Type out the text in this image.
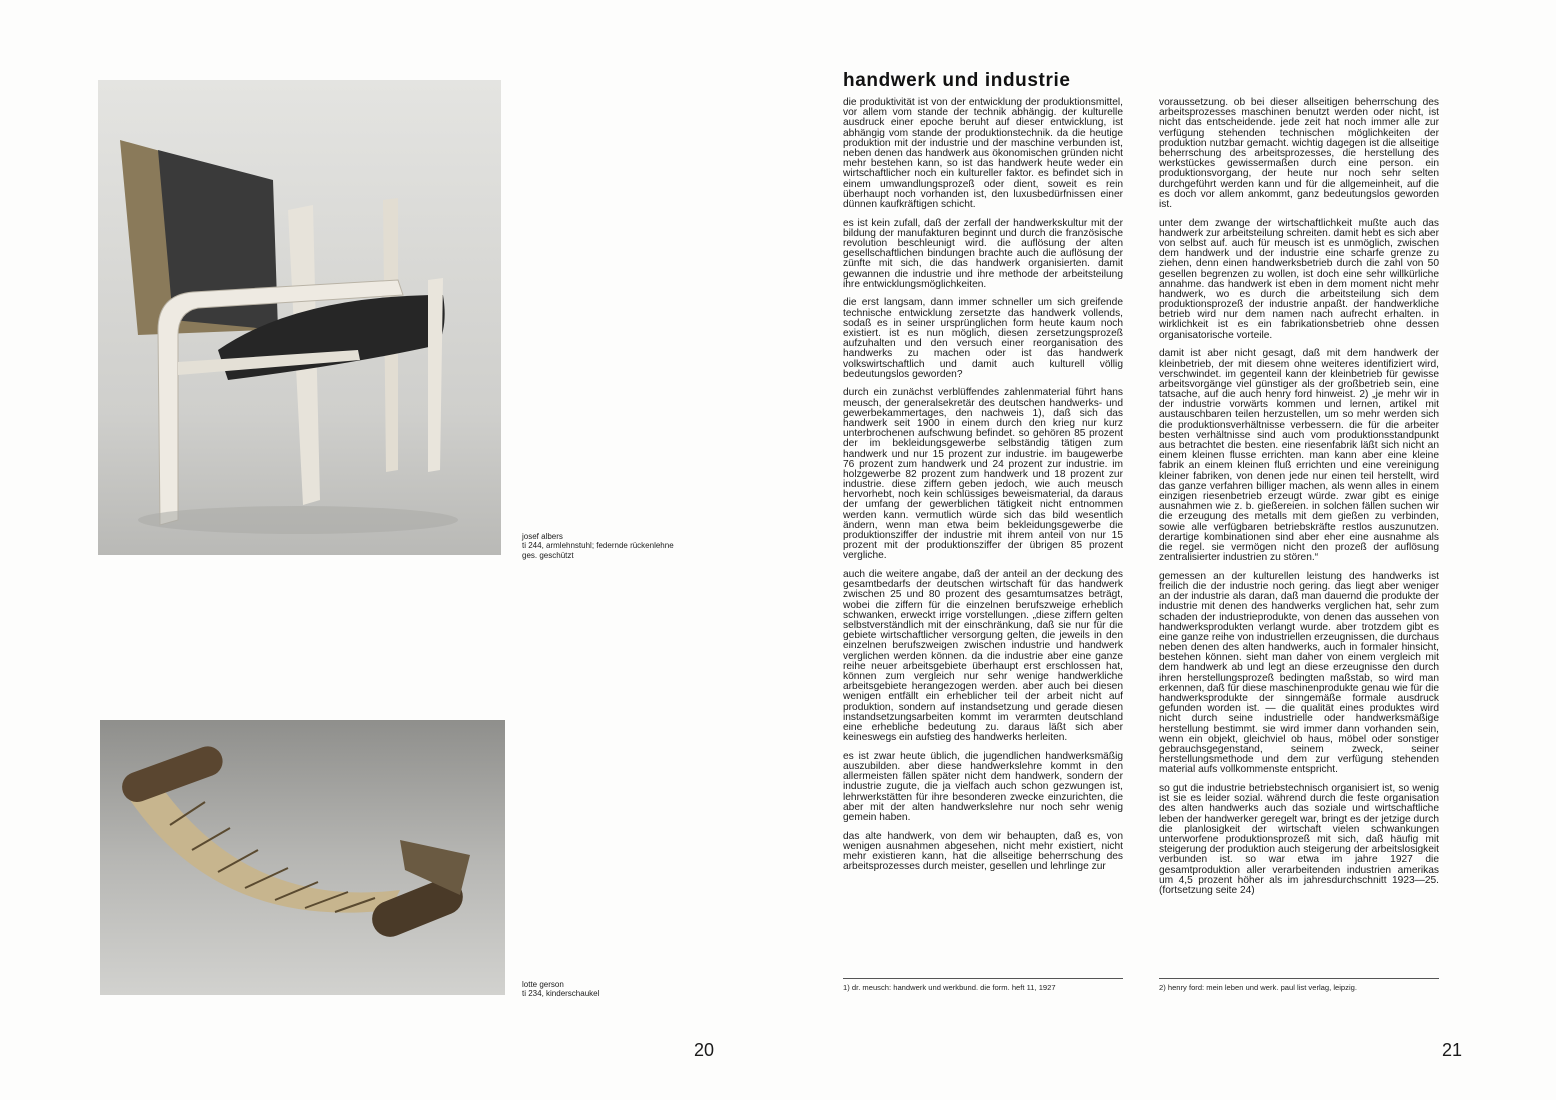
josef albers
ti 244, armlehnstuhl; federnde rückenlehne
ges. geschützt
lotte gerson
ti 234, kinderschaukel
20
handwerk und industrie

die produktivität ist von der entwicklung der produktionsmittel, vor allem vom stande der technik abhängig. der kulturelle ausdruck einer epoche beruht auf dieser entwicklung, ist abhängig vom stande der produktionstechnik. da die heutige produktion mit der industrie und der maschine verbunden ist, neben denen das handwerk aus ökonomischen gründen nicht mehr bestehen kann, so ist das handwerk heute weder ein wirtschaftlicher noch ein kultureller faktor. es befindet sich in einem umwandlungsprozeß oder dient, soweit es rein überhaupt noch vorhanden ist, den luxusbedürfnissen einer dünnen kaufkräftigen schicht.

es ist kein zufall, daß der zerfall der handwerkskultur mit der bildung der manufakturen beginnt und durch die französische revolution beschleunigt wird. die auflösung der alten gesellschaftlichen bindungen brachte auch die auflösung der zünfte mit sich, die das handwerk organisierten. damit gewannen die industrie und ihre methode der arbeitsteilung ihre entwicklungsmöglichkeiten.

die erst langsam, dann immer schneller um sich greifende technische entwicklung zersetzte das handwerk vollends, sodaß es in seiner ursprünglichen form heute kaum noch existiert. ist es nun möglich, diesen zersetzungsprozeß aufzuhalten und den versuch einer reorganisation des handwerks zu machen oder ist das handwerk volkswirtschaftlich und damit auch kulturell völlig bedeutungslos geworden?

durch ein zunächst verblüffendes zahlenmaterial führt hans meusch, der generalsekretär des deutschen handwerks- und gewerbekammertages, den nachweis 1), daß sich das handwerk seit 1900 in einem durch den krieg nur kurz unterbrochenen aufschwung befindet. so gehören 85 prozent der im bekleidungsgewerbe selbständig tätigen zum handwerk und nur 15 prozent zur industrie. im baugewerbe 76 prozent zum handwerk und 24 prozent zur industrie. im holzgewerbe 82 prozent zum handwerk und 18 prozent zur industrie. diese ziffern geben jedoch, wie auch meusch hervorhebt, noch kein schlüssiges beweismaterial, da daraus der umfang der gewerblichen tätigkeit nicht entnommen werden kann. vermutlich würde sich das bild wesentlich ändern, wenn man etwa beim bekleidungsgewerbe die produktionsziffer der industrie mit ihrem anteil von nur 15 prozent mit der produktionsziffer der übrigen 85 prozent vergliche.

auch die weitere angabe, daß der anteil an der deckung des gesamtbedarfs der deutschen wirtschaft für das handwerk zwischen 25 und 80 prozent des gesamtumsatzes beträgt, wobei die ziffern für die einzelnen berufszweige erheblich schwanken, erweckt irrige vorstellungen. „diese ziffern gelten selbstverständlich mit der einschränkung, daß sie nur für die gebiete wirtschaftlicher versorgung gelten, die jeweils in den einzelnen berufszweigen zwischen industrie und handwerk verglichen werden können. da die industrie aber eine ganze reihe neuer arbeitsgebiete überhaupt erst erschlossen hat, können zum vergleich nur sehr wenige handwerkliche arbeitsgebiete herangezogen werden. aber auch bei diesen wenigen entfällt ein erheblicher teil der arbeit nicht auf produktion, sondern auf instandsetzung und gerade diesen instandsetzungsarbeiten kommt im verarmten deutschland eine erhebliche bedeutung zu. daraus läßt sich aber keineswegs ein aufstieg des handwerks herleiten.

es ist zwar heute üblich, die jugendlichen handwerksmäßig auszubilden. aber diese handwerkslehre kommt in den allermeisten fällen später nicht dem handwerk, sondern der industrie zugute, die ja vielfach auch schon gezwungen ist, lehrwerkstätten für ihre besonderen zwecke einzurichten, die aber mit der alten handwerkslehre nur noch sehr wenig gemein haben.

das alte handwerk, von dem wir behaupten, daß es, von wenigen ausnahmen abgesehen, nicht mehr existiert, nicht mehr existieren kann, hat die allseitige beherrschung des arbeitsprozesses durch meister, gesellen und lehrlinge zur

voraussetzung. ob bei dieser allseitigen beherrschung des arbeitsprozesses maschinen benutzt werden oder nicht, ist nicht das entscheidende. jede zeit hat noch immer alle zur verfügung stehenden technischen möglichkeiten der produktion nutzbar gemacht. wichtig dagegen ist die allseitige beherrschung des arbeitsprozesses, die herstellung des werkstückes gewissermaßen durch eine person. ein produktionsvorgang, der heute nur noch sehr selten durchgeführt werden kann und für die allgemeinheit, auf die es doch vor allem ankommt, ganz bedeutungslos geworden ist.

unter dem zwange der wirtschaftlichkeit mußte auch das handwerk zur arbeitsteilung schreiten. damit hebt es sich aber von selbst auf. auch für meusch ist es unmöglich, zwischen dem handwerk und der industrie eine scharfe grenze zu ziehen, denn einen handwerksbetrieb durch die zahl von 50 gesellen begrenzen zu wollen, ist doch eine sehr willkürliche annahme. das handwerk ist eben in dem moment nicht mehr handwerk, wo es durch die arbeitsteilung sich dem produktionsprozeß der industrie anpaßt. der handwerkliche betrieb wird nur dem namen nach aufrecht erhalten. in wirklichkeit ist es ein fabrikationsbetrieb ohne dessen organisatorische vorteile.

damit ist aber nicht gesagt, daß mit dem handwerk der kleinbetrieb, der mit diesem ohne weiteres identifiziert wird, verschwindet. im gegenteil kann der kleinbetrieb für gewisse arbeitsvorgänge viel günstiger als der großbetrieb sein, eine tatsache, auf die auch henry ford hinweist. 2) „je mehr wir in der industrie vorwärts kommen und lernen, artikel mit austauschbaren teilen herzustellen, um so mehr werden sich die produktionsverhältnisse verbessern. die für die arbeiter besten verhältnisse sind auch vom produktionsstandpunkt aus betrachtet die besten. eine riesenfabrik läßt sich nicht an einem kleinen flusse errichten. man kann aber eine kleine fabrik an einem kleinen fluß errichten und eine vereinigung kleiner fabriken, von denen jede nur einen teil herstellt, wird das ganze verfahren billiger machen, als wenn alles in einem einzigen riesenbetrieb erzeugt würde. zwar gibt es einige ausnahmen wie z. b. gießereien. in solchen fällen suchen wir die erzeugung des metalls mit dem gießen zu verbinden, sowie alle verfügbaren betriebskräfte restlos auszunutzen. derartige kombinationen sind aber eher eine ausnahme als die regel. sie vermögen nicht den prozeß der auflösung zentralisierter industrien zu stören.“

gemessen an der kulturellen leistung des handwerks ist freilich die der industrie noch gering. das liegt aber weniger an der industrie als daran, daß man dauernd die produkte der industrie mit denen des handwerks verglichen hat, sehr zum schaden der industrieprodukte, von denen das aussehen von handwerksprodukten verlangt wurde. aber trotzdem gibt es eine ganze reihe von industriellen erzeugnissen, die durchaus neben denen des alten handwerks, auch in formaler hinsicht, bestehen können. sieht man daher von einem vergleich mit dem handwerk ab und legt an diese erzeugnisse den durch ihren herstellungsprozeß bedingten maßstab, so wird man erkennen, daß für diese maschinenprodukte genau wie für die handwerksprodukte der sinngemäße formale ausdruck gefunden worden ist. — die qualität eines produktes wird nicht durch seine industrielle oder handwerksmäßige herstellung bestimmt. sie wird immer dann vorhanden sein, wenn ein objekt, gleichviel ob haus, möbel oder sonstiger gebrauchsgegenstand, seinem zweck, seiner herstellungsmethode und dem zur verfügung stehenden material aufs vollkommenste entspricht.

so gut die industrie betriebstechnisch organisiert ist, so wenig ist sie es leider sozial. während durch die feste organisation des alten handwerks auch das soziale und wirtschaftliche leben der handwerker geregelt war, bringt es der jetzige durch die planlosigkeit der wirtschaft vielen schwankungen unterworfene produktionsprozeß mit sich, daß häufig mit steigerung der produktion auch steigerung der arbeitslosigkeit verbunden ist. so war etwa im jahre 1927 die gesamtproduktion aller verarbeitenden industrien amerikas um 4,5 prozent höher als im jahresdurchschnitt 1923—25. (fortsetzung seite 24)

1) dr. meusch: handwerk und werkbund. die form. heft 11, 1927	2) henry ford: mein leben und werk. paul list verlag, leipzig.
21
